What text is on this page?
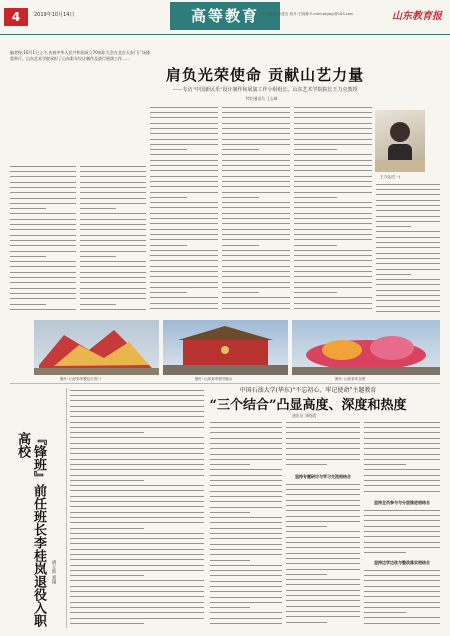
4	2019年10月14日	高等教育 责任编辑:孙建农 校对:王晓娜 E-mail:sdgbjy@163.com	山东教育报
编者按:10月1日上午,庆祝中华人民共和国成立70周年大会在北京天安门广场隆重举行。山东艺术学院承担了山东彩车设计制作及游行展演工作……
肩负光荣使命 贡献山艺力量
——专访“中国新民乐”设计制作和展演工作小组组长、山东艺术学院院长王力克教授
特约通讯员 王志峰
王力克(右一)
图片: 山东彩车驶过天安门	图片: 山东彩车细节展示	图片: 山东彩车全景
『锋班』前任班长李桂岚退役入职高校
胡立新 刘翔
中国石油大学(华东)“不忘初心、牢记使命”主题教育
“三个结合”凸显高度、深度和热度
通讯员 刘晓霞
坚持专题研讨与学习交流相结合
坚持全员参与与分层推进相结合
坚持边学边改与整改落实相结合
